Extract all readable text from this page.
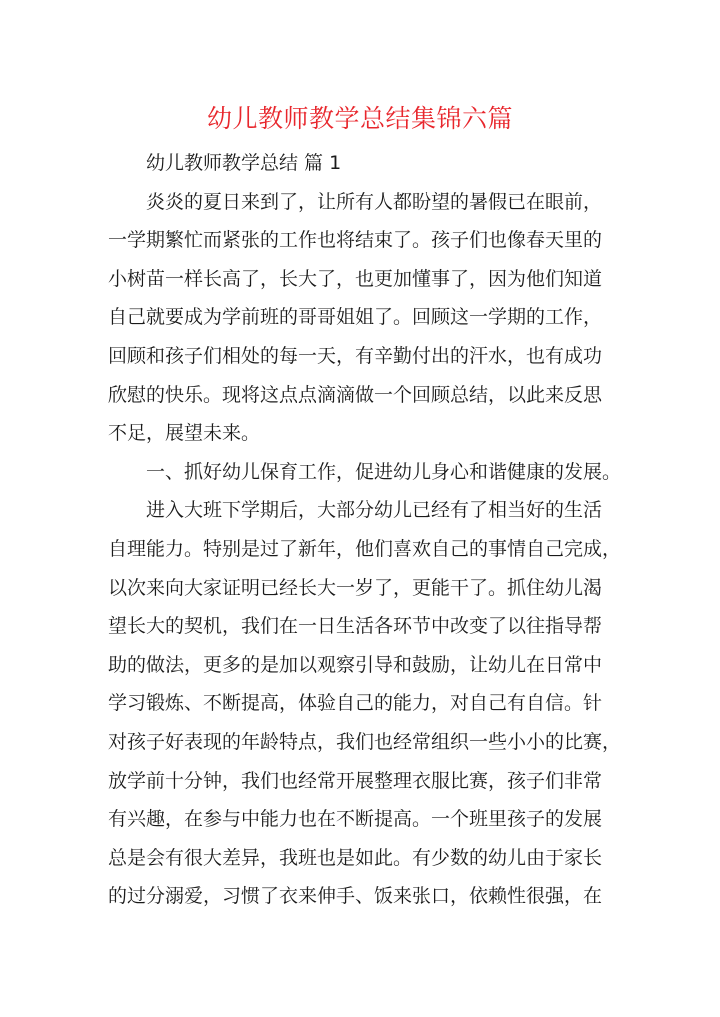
幼儿教师教学总结集锦六篇
幼儿教师教学总结 篇 1
炎炎的夏日来到了，让所有人都盼望的暑假已在眼前，
一学期繁忙而紧张的工作也将结束了。孩子们也像春天里的
小树苗一样长高了，长大了，也更加懂事了，因为他们知道
自己就要成为学前班的哥哥姐姐了。回顾这一学期的工作，
回顾和孩子们相处的每一天，有辛勤付出的汗水，也有成功
欣慰的快乐。现将这点点滴滴做一个回顾总结，以此来反思
不足，展望未来。
一、抓好幼儿保育工作，促进幼儿身心和谐健康的发展。
进入大班下学期后，大部分幼儿已经有了相当好的生活
自理能力。特别是过了新年，他们喜欢自己的事情自己完成，
以次来向大家证明已经长大一岁了，更能干了。抓住幼儿渴
望长大的契机，我们在一日生活各环节中改变了以往指导帮
助的做法，更多的是加以观察引导和鼓励，让幼儿在日常中
学习锻炼、不断提高，体验自己的能力，对自己有自信。针
对孩子好表现的年龄特点，我们也经常组织一些小小的比赛，
放学前十分钟，我们也经常开展整理衣服比赛，孩子们非常
有兴趣，在参与中能力也在不断提高。一个班里孩子的发展
总是会有很大差异，我班也是如此。有少数的幼儿由于家长
的过分溺爱，习惯了衣来伸手、饭来张口，依赖性很强，在
